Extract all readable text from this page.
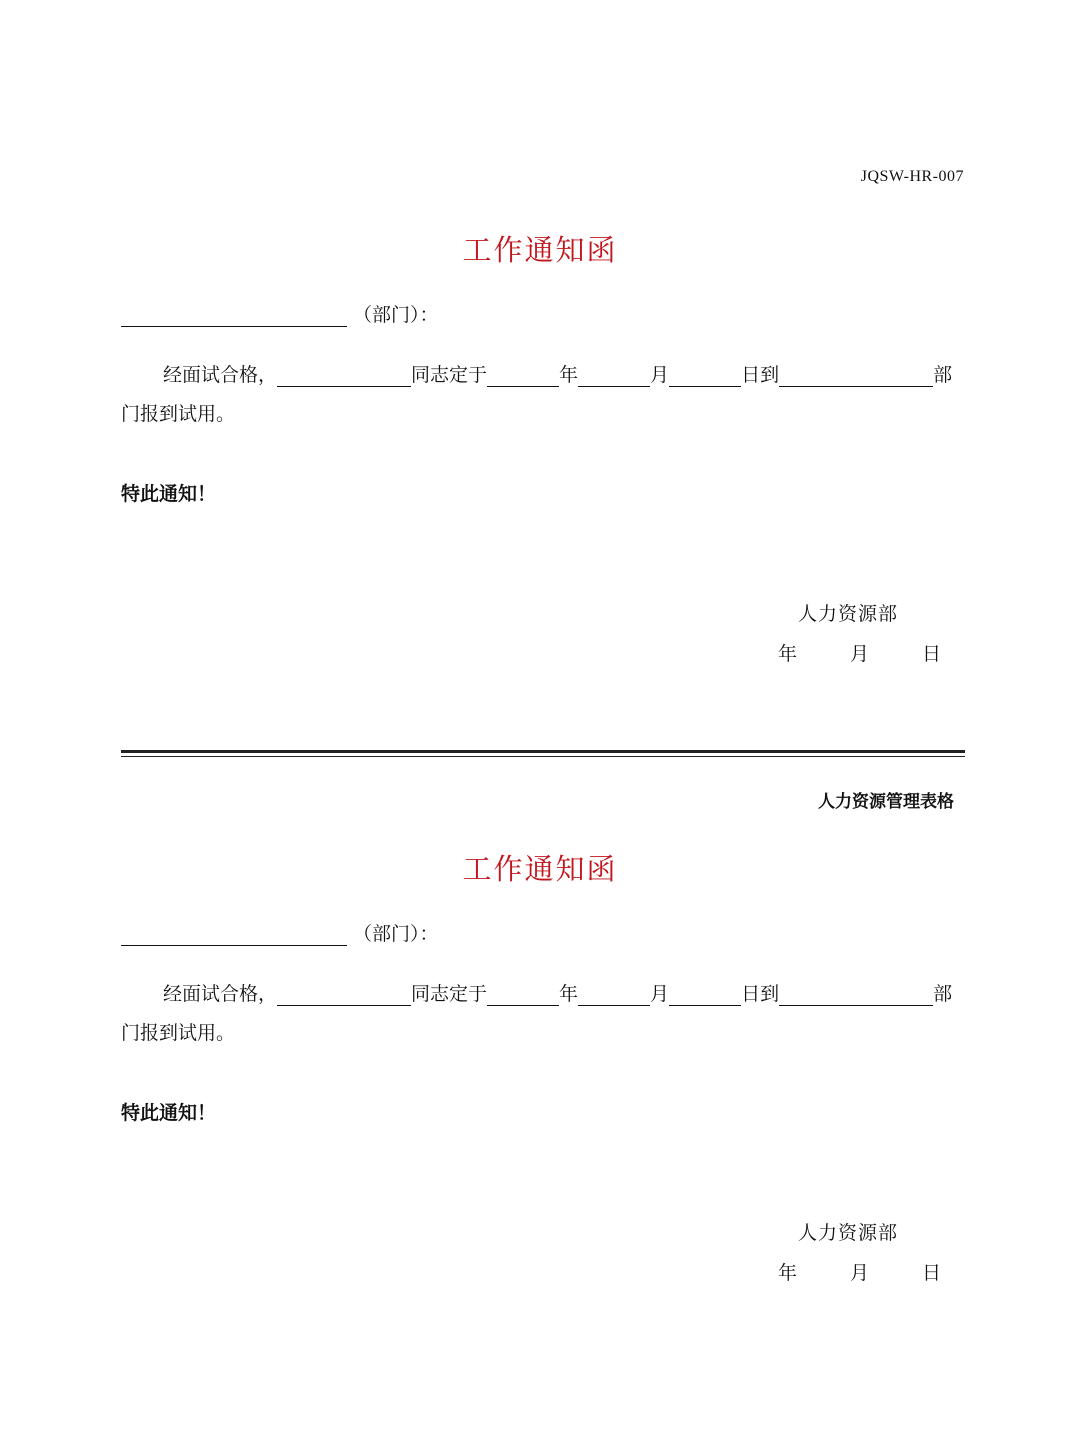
JQSW-HR-007
工作通知函
（部门）：
经面试合格，	同志定于	年	月	日到	部
门报到试用。
特此通知！
人力资源部
年	月	日
人力资源管理表格
工作通知函
（部门）：
经面试合格，	同志定于	年	月	日到	部
门报到试用。
特此通知！
人力资源部
年	月	日
